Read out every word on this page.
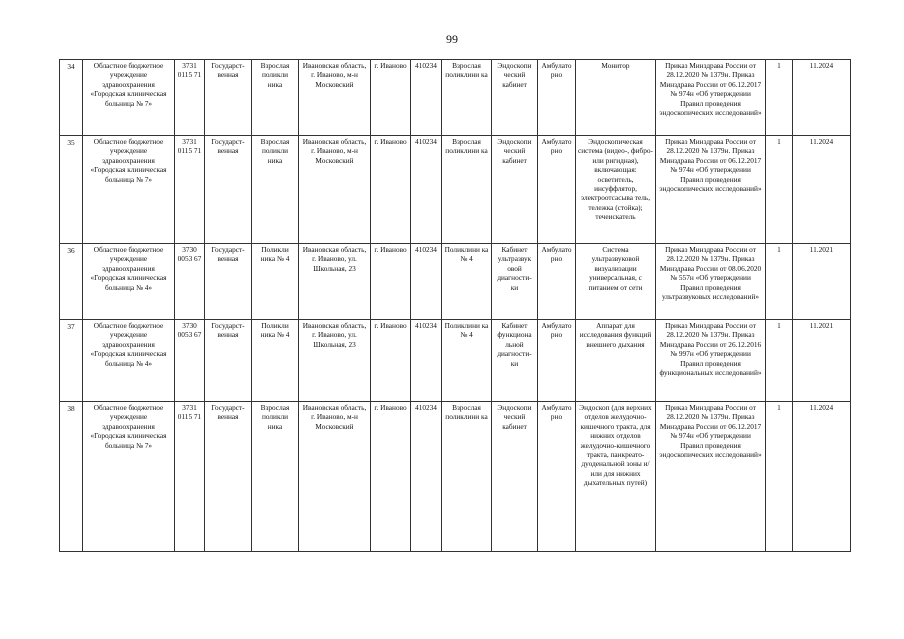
99
34	Областное бюджетное учреждение здравоохранения «Городская клиническая больница № 7»	3731 0115 71	Государст-венная	Взрослая поликли ника	Ивановская область, г. Иваново, м-н Московский	г. Иваново	410234	Взрослая поликлини ка	Эндоскопи ческий кабинет	Амбулато рно	Монитор	Приказ Минздрава России от 28.12.2020 № 1379н. Приказ Минздрава России от 06.12.2017 № 974н «Об утверждении Правил проведения эндоскопических исследований»	1	11.2024
35	Областное бюджетное учреждение здравоохранения «Городская клиническая больница № 7»	3731 0115 71	Государст-венная	Взрослая поликли ника	Ивановская область, г. Иваново, м-н Московский	г. Иваново	410234	Взрослая поликлини ка	Эндоскопи ческий кабинет	Амбулато рно	Эндоскопическая система (видео-, фибро- или ригидная), включающая: осветитель, инсуффлятор, электроотсасыва тель, тележка (стойка); течеискатель	Приказ Минздрава России от 28.12.2020 № 1379н. Приказ Минздрава России от 06.12.2017 № 974н «Об утверждении Правил проведения эндоскопических исследований»	1	11.2024
36	Областное бюджетное учреждение здравоохранения «Городская клиническая больница № 4»	3730 0053 67	Государст-венная	Поликли ника № 4	Ивановская область, г. Иваново, ул. Школьная, 23	г. Иваново	410234	Поликлини ка № 4	Кабинет ультразвук овой диагности-ки	Амбулато рно	Система ультразвуковой визуализации универсальная, с питанием от сети	Приказ Минздрава России от 28.12.2020 № 1379н. Приказ Минздрава России от 08.06.2020 № 557н «Об утверждении Правил проведения ультразвуковых исследований»	1	11.2021
37	Областное бюджетное учреждение здравоохранения «Городская клиническая больница № 4»	3730 0053 67	Государст-венная	Поликли ника № 4	Ивановская область, г. Иваново, ул. Школьная, 23	г. Иваново	410234	Поликлини ка № 4	Кабинет функциона льной диагности-ки	Амбулато рно	Аппарат для исследования функций внешнего дыхания	Приказ Минздрава России от 28.12.2020 № 1379н. Приказ Минздрава России от 26.12.2016 № 997н «Об утверждении Правил проведения функциональных исследований»	1	11.2021
38	Областное бюджетное учреждение здравоохранения «Городская клиническая больница № 7»	3731 0115 71	Государст-венная	Взрослая поликли ника	Ивановская область, г. Иваново, м-н Московский	г. Иваново	410234	Взрослая поликлини ка	Эндоскопи ческий кабинет	Амбулато рно	Эндоскоп (для верхних отделов желудочно-кишечного тракта, для нижних отделов желудочно-кишечного тракта, панкреато-дуоденальной зоны и/или для нижних дыхательных путей)	Приказ Минздрава России от 28.12.2020 № 1379н. Приказ Минздрава России от 06.12.2017 № 974н «Об утверждении Правил проведения эндоскопических исследований»	1	11.2024
